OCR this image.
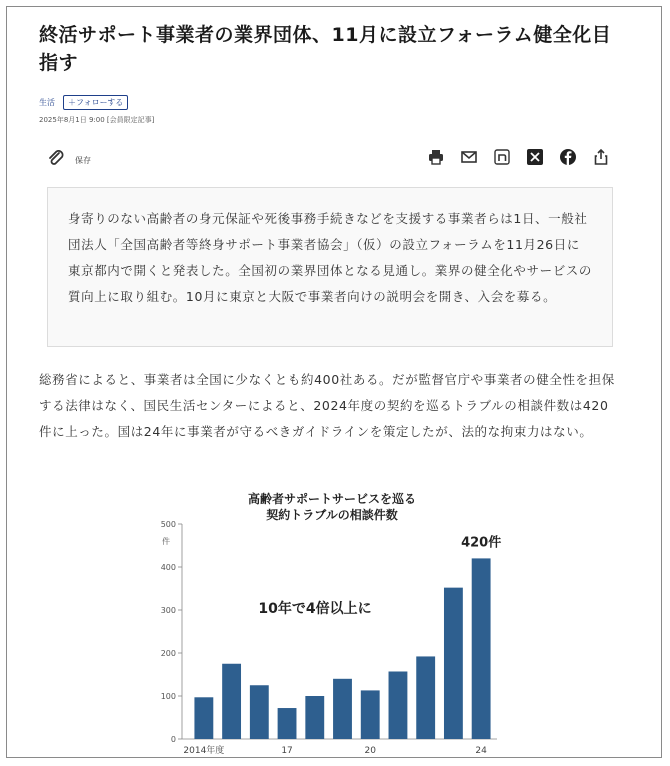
終活サポート事業者の業界団体、11月に設立フォーラム健全化目指す
生活	＋フォローする
2025年8月1日 9:00 [会員限定記事]
保存
身寄りのない高齢者の身元保証や死後事務手続きなどを支援する事業者らは1日、一般社団法人「全国高齢者等終身サポート事業者協会」（仮）の設立フォーラムを11月26日に東京都内で開くと発表した。全国初の業界団体となる見通し。業界の健全化やサービスの質向上に取り組む。10月に東京と大阪で事業者向けの説明会を開き、入会を募る。
総務省によると、事業者は全国に少なくとも約400社ある。だが監督官庁や事業者の健全性を担保する法律はなく、国民生活センターによると、2024年度の契約を巡るトラブルの相談件数は420件に上った。国は24年に事業者が守るべきガイドラインを策定したが、法的な拘束力はない。
高齢者サポートサービスを巡る
契約トラブルの相談件数
0
100
200
300
400
500
件
2014年度	17	20	24
10年で4倍以上に
420件
